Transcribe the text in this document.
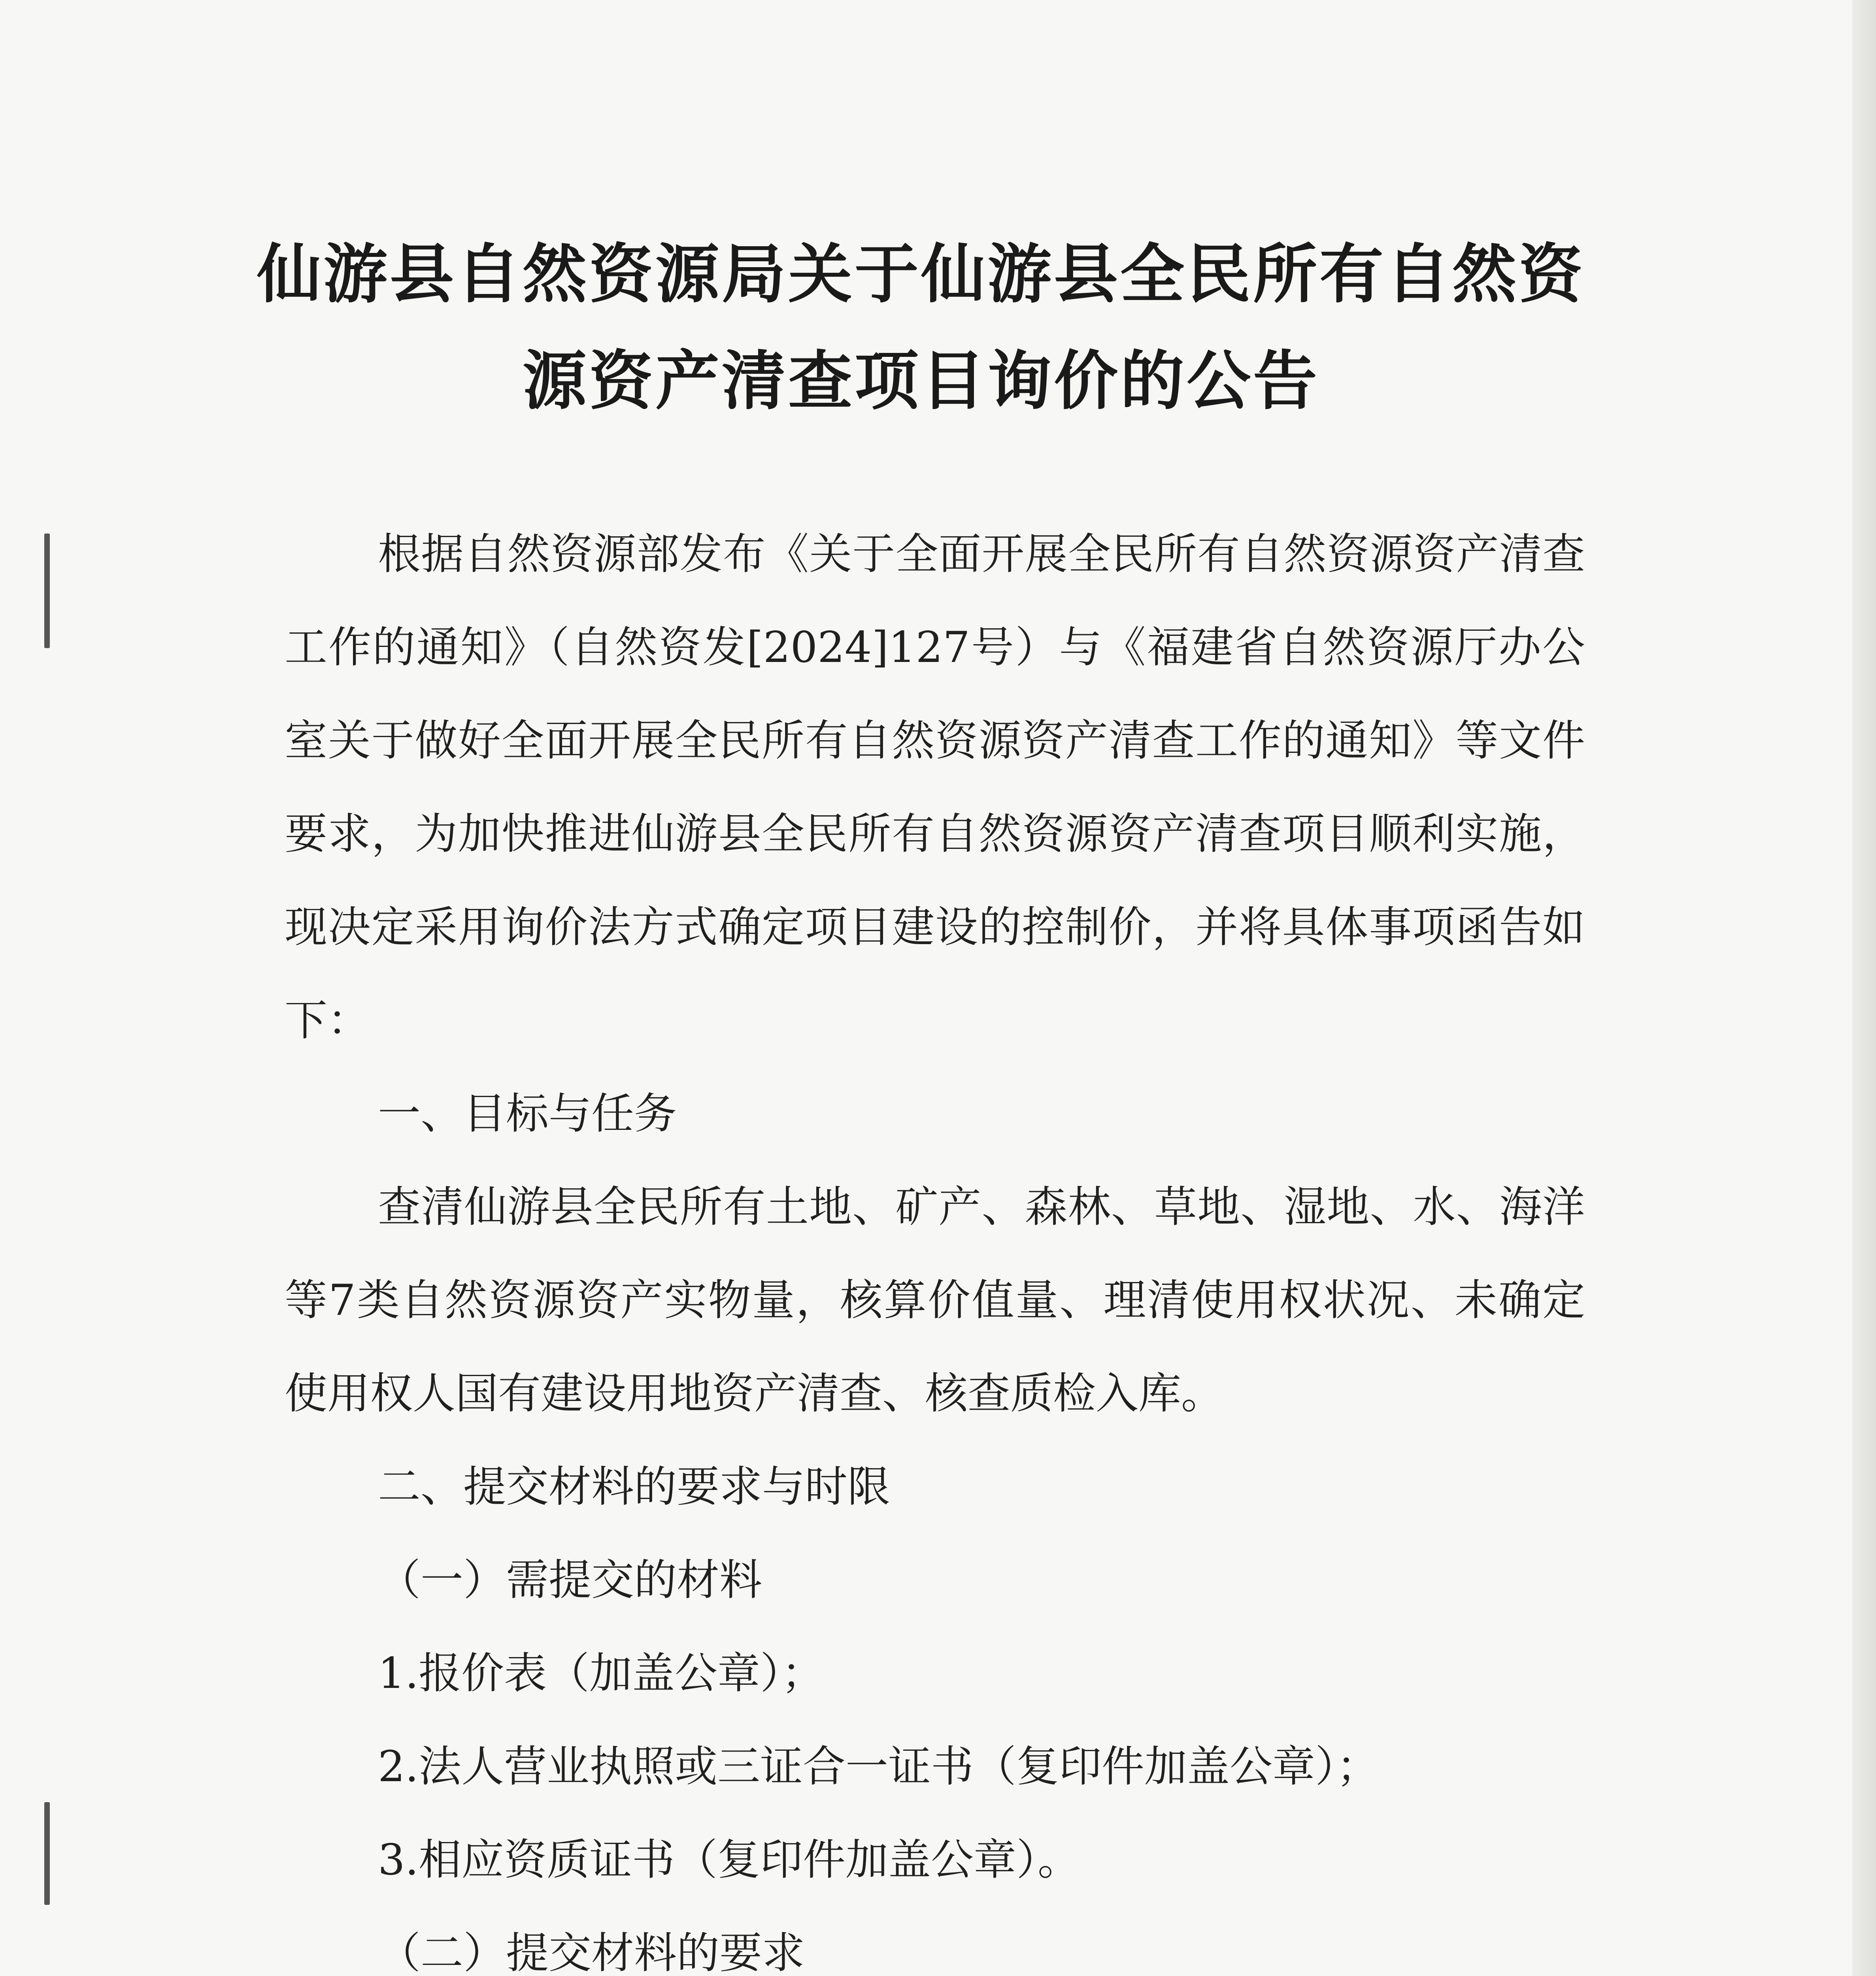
仙游县自然资源局关于仙游县全民所有自然资
源资产清查项目询价的公告

根据自然资源部发布《关于全面开展全民所有自然资源资产清查工作的通知》（自然资发[2024]127号）与《福建省自然资源厅办公室关于做好全面开展全民所有自然资源资产清查工作的通知》等文件要求，为加快推进仙游县全民所有自然资源资产清查项目顺利实施，现决定采用询价法方式确定项目建设的控制价，并将具体事项函告如下：

一、目标与任务

查清仙游县全民所有土地、矿产、森林、草地、湿地、水、海洋等7类自然资源资产实物量，核算价值量、理清使用权状况、未确定使用权人国有建设用地资产清查、核查质检入库。

二、提交材料的要求与时限

（一）需提交的材料

1.报价表（加盖公章）；

2.法人营业执照或三证合一证书（复印件加盖公章）；

3.相应资质证书（复印件加盖公章）。

（二）提交材料的要求
